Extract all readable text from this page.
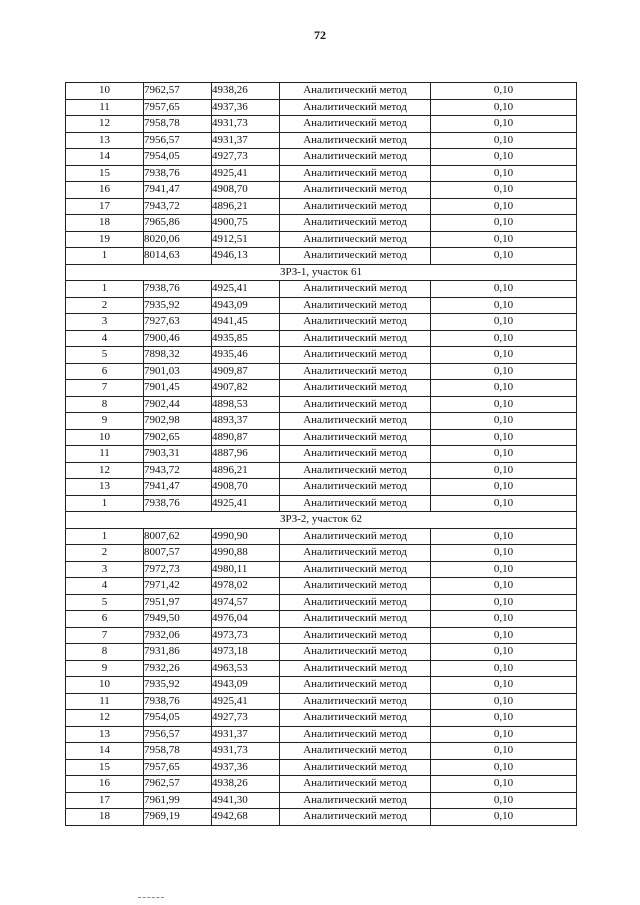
72
10	7962,57	4938,26	Аналитический метод	0,10
11	7957,65	4937,36	Аналитический метод	0,10
12	7958,78	4931,73	Аналитический метод	0,10
13	7956,57	4931,37	Аналитический метод	0,10
14	7954,05	4927,73	Аналитический метод	0,10
15	7938,76	4925,41	Аналитический метод	0,10
16	7941,47	4908,70	Аналитический метод	0,10
17	7943,72	4896,21	Аналитический метод	0,10
18	7965,86	4900,75	Аналитический метод	0,10
19	8020,06	4912,51	Аналитический метод	0,10
1	8014,63	4946,13	Аналитический метод	0,10
ЗРЗ-1, участок 61				
1	7938,76	4925,41	Аналитический метод	0,10
2	7935,92	4943,09	Аналитический метод	0,10
3	7927,63	4941,45	Аналитический метод	0,10
4	7900,46	4935,85	Аналитический метод	0,10
5	7898,32	4935,46	Аналитический метод	0,10
6	7901,03	4909,87	Аналитический метод	0,10
7	7901,45	4907,82	Аналитический метод	0,10
8	7902,44	4898,53	Аналитический метод	0,10
9	7902,98	4893,37	Аналитический метод	0,10
10	7902,65	4890,87	Аналитический метод	0,10
11	7903,31	4887,96	Аналитический метод	0,10
12	7943,72	4896,21	Аналитический метод	0,10
13	7941,47	4908,70	Аналитический метод	0,10
1	7938,76	4925,41	Аналитический метод	0,10
ЗРЗ-2, участок 62				
1	8007,62	4990,90	Аналитический метод	0,10
2	8007,57	4990,88	Аналитический метод	0,10
3	7972,73	4980,11	Аналитический метод	0,10
4	7971,42	4978,02	Аналитический метод	0,10
5	7951,97	4974,57	Аналитический метод	0,10
6	7949,50	4976,04	Аналитический метод	0,10
7	7932,06	4973,73	Аналитический метод	0,10
8	7931,86	4973,18	Аналитический метод	0,10
9	7932,26	4963,53	Аналитический метод	0,10
10	7935,92	4943,09	Аналитический метод	0,10
11	7938,76	4925,41	Аналитический метод	0,10
12	7954,05	4927,73	Аналитический метод	0,10
13	7956,57	4931,37	Аналитический метод	0,10
14	7958,78	4931,73	Аналитический метод	0,10
15	7957,65	4937,36	Аналитический метод	0,10
16	7962,57	4938,26	Аналитический метод	0,10
17	7961,99	4941,30	Аналитический метод	0,10
18	7969,19	4942,68	Аналитический метод	0,10
